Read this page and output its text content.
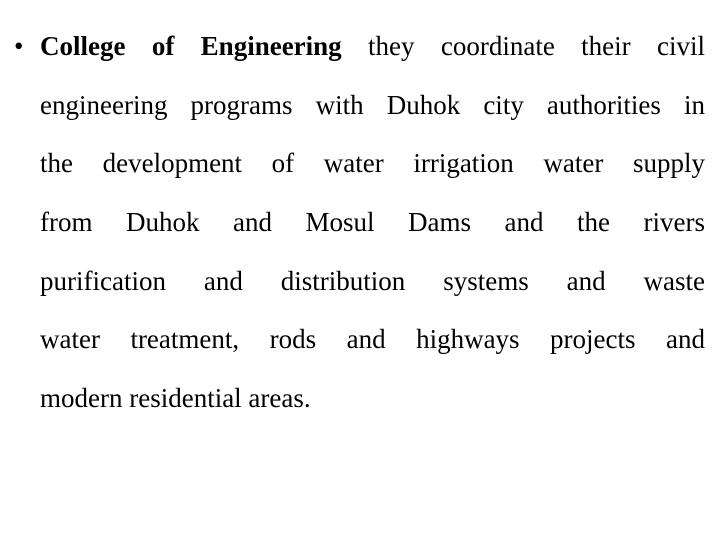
• College of Engineering they coordinate their civil
engineering programs with Duhok city authorities in
the development of water irrigation water supply
from Duhok and Mosul Dams and the rivers
purification and distribution systems and waste
water treatment, rods and highways projects and
modern residential areas.
